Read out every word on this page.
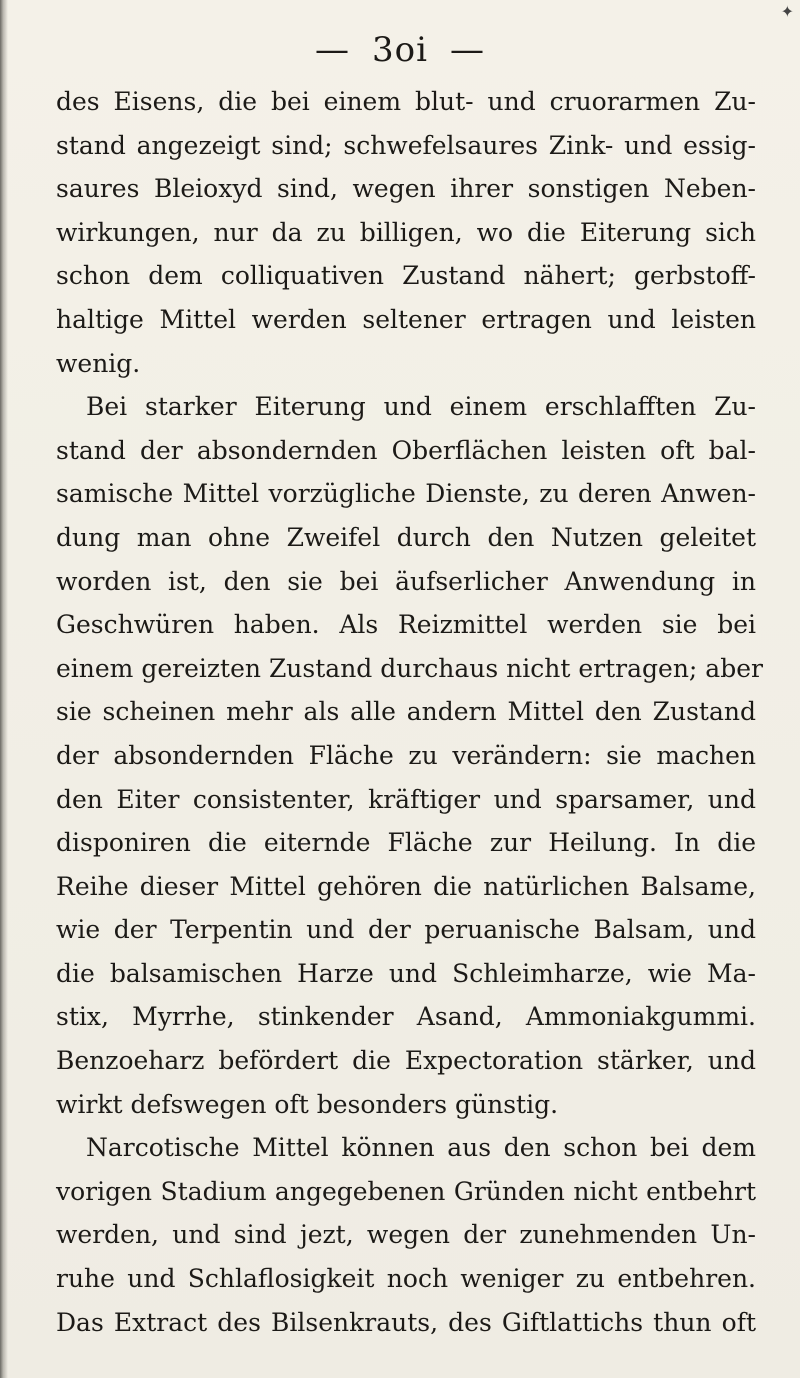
✦
— 3oi —
des Eisens, die bei einem blut- und cruorarmen Zu-
stand angezeigt sind; schwefelsaures Zink- und essig-
saures Bleioxyd sind, wegen ihrer sonstigen Neben-
wirkungen, nur da zu billigen, wo die Eiterung sich
schon dem colliquativen Zustand nähert; gerbstoff-
haltige Mittel werden seltener ertragen und leisten
wenig.
Bei starker Eiterung und einem erschlafften Zu-
stand der absondernden Oberflächen leisten oft bal-
samische Mittel vorzügliche Dienste, zu deren Anwen-
dung man ohne Zweifel durch den Nutzen geleitet
worden ist, den sie bei äufserlicher Anwendung in
Geschwüren haben. Als Reizmittel werden sie bei
einem gereizten Zustand durchaus nicht ertragen; aber
sie scheinen mehr als alle andern Mittel den Zustand
der absondernden Fläche zu verändern: sie machen
den Eiter consistenter, kräftiger und sparsamer, und
disponiren die eiternde Fläche zur Heilung. In die
Reihe dieser Mittel gehören die natürlichen Balsame,
wie der Terpentin und der peruanische Balsam, und
die balsamischen Harze und Schleimharze, wie Ma-
stix, Myrrhe, stinkender Asand, Ammoniakgummi.
Benzoeharz befördert die Expectoration stärker, und
wirkt defswegen oft besonders günstig.
Narcotische Mittel können aus den schon bei dem
vorigen Stadium angegebenen Gründen nicht entbehrt
werden, und sind jezt, wegen der zunehmenden Un-
ruhe und Schlaflosigkeit noch weniger zu entbehren.
Das Extract des Bilsenkrauts, des Giftlattichs thun oft
